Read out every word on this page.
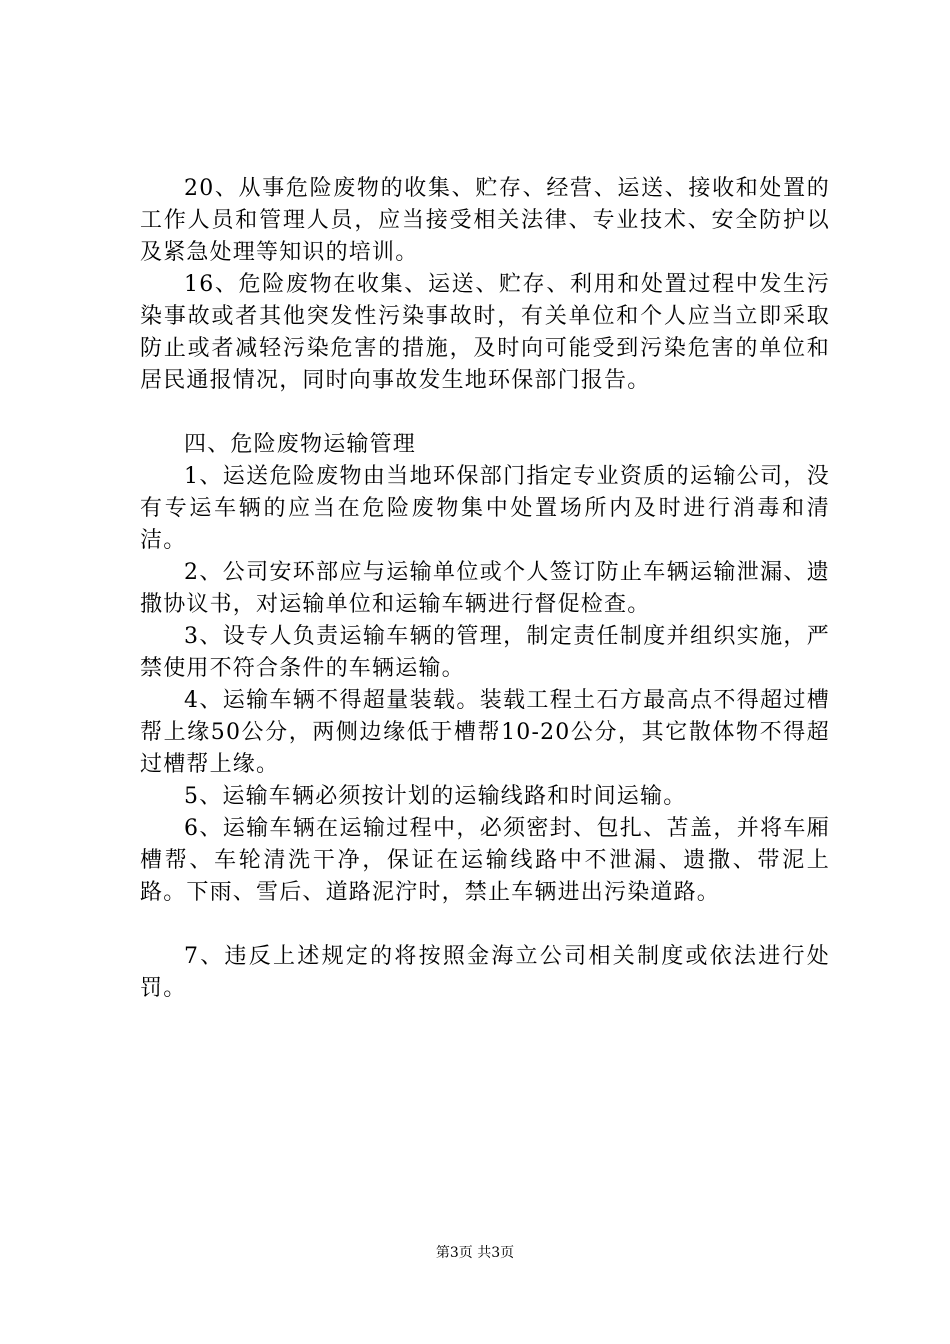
20、从事危险废物的收集、贮存、经营、运送、接收和处置的工作人员和管理人员，应当接受相关法律、专业技术、安全防护以及紧急处理等知识的培训。

16、危险废物在收集、运送、贮存、利用和处置过程中发生污染事故或者其他突发性污染事故时，有关单位和个人应当立即采取防止或者减轻污染危害的措施，及时向可能受到污染危害的单位和居民通报情况，同时向事故发生地环保部门报告。

四、危险废物运输管理

1、运送危险废物由当地环保部门指定专业资质的运输公司，没有专运车辆的应当在危险废物集中处置场所内及时进行消毒和清洁。

2、公司安环部应与运输单位或个人签订防止车辆运输泄漏、遗撒协议书，对运输单位和运输车辆进行督促检查。

3、设专人负责运输车辆的管理，制定责任制度并组织实施，严禁使用不符合条件的车辆运输。

4、运输车辆不得超量装载。装载工程土石方最高点不得超过槽帮上缘50公分，两侧边缘低于槽帮10-20公分，其它散体物不得超过槽帮上缘。

5、运输车辆必须按计划的运输线路和时间运输。

6、运输车辆在运输过程中，必须密封、包扎、苫盖，并将车厢槽帮、车轮清洗干净，保证在运输线路中不泄漏、遗撒、带泥上路。下雨、雪后、道路泥泞时，禁止车辆进出污染道路。

7、违反上述规定的将按照金海立公司相关制度或依法进行处罚。

第3页 共3页
